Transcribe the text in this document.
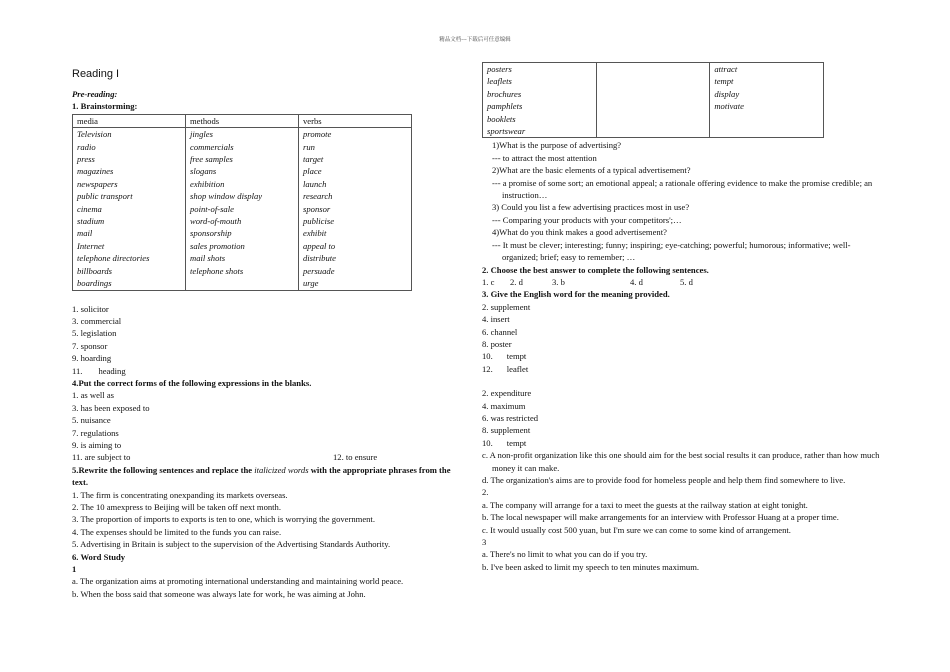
精品文档---下载后可任意编辑
Reading I
Pre-reading:
1. Brainstorming:
media	methods	verbs
Television	jingles	promote
radio	commercials	run
press	free samples	target
magazines	slogans	place
newspapers	exhibition	launch
public transport	shop window display	research
cinema	point-of-sale	sponsor
stadium	word-of-mouth	publicise
mail	sponsorship	exhibit
Internet	sales promotion	appeal to
telephone directories	mail shots	distribute
billboards	telephone shots	persuade
boardings		urge
1. solicitor
3. commercial
5. legislation
7. sponsor
9. hoarding
11. heading
4.Put the correct forms of the following expressions in the blanks.
1. as well as
3. has been exposed to
5. nuisance
7. regulations
9. is aiming to
11. are subject to	12. to ensure
5.Rewrite the following sentences and replace the italicized words with the appropriate phrases from the text.
1. The firm is concentrating onexpanding its markets overseas.
2. The 10 amexpress to Beijing will be taken off next month.
3. The proportion of imports to exports is ten to one, which is worrying the government.
4. The expenses should be limited to the funds you can raise.
5. Advertising in Britain is subject to the supervision of the Advertising Standards Authority.
6. Word Study
1
a. The organization aims at promoting international understanding and maintaining world peace.
b. When the boss said that someone was always late for work, he was aiming at John.
posters		attract
leaflets		tempt
brochures		display
pamphlets		motivate
booklets		
sportswear		
1)What is the purpose of advertising?
--- to attract the most attention
2)What are the basic elements of a typical advertisement?
--- a promise of some sort; an emotional appeal; a rationale offering evidence to make the promise credible; an instruction…
3) Could you list a few advertising practices most in use?
--- Comparing your products with your competitors';…
4)What do you think makes a good advertisement?
--- It must be clever; interesting; funny; inspiring; eye-catching; powerful; humorous; informative; well-organized; brief; easy to remember; …
2. Choose the best answer to complete the following sentences.
1. c 2. d	3. b	4. d	5. d
3. Give the English word for the meaning provided.
2. supplement
4. insert
6. channel
8. poster
10. tempt
12. leaflet
2. expenditure
4. maximum
6. was restricted
8. supplement
10. tempt
c. A non-profit organization like this one should aim for the best social results it can produce, rather than how much money it can make.
d. The organization's aims are to provide food for homeless people and help them find somewhere to live.
2.
a. The company will arrange for a taxi to meet the guests at the railway station at eight tonight.
b. The local newspaper will make arrangements for an interview with Professor Huang at a proper time.
c. It would usually cost 500 yuan, but I'm sure we can come to some kind of arrangement.
3
a. There's no limit to what you can do if you try.
b. I've been asked to limit my speech to ten minutes maximum.
